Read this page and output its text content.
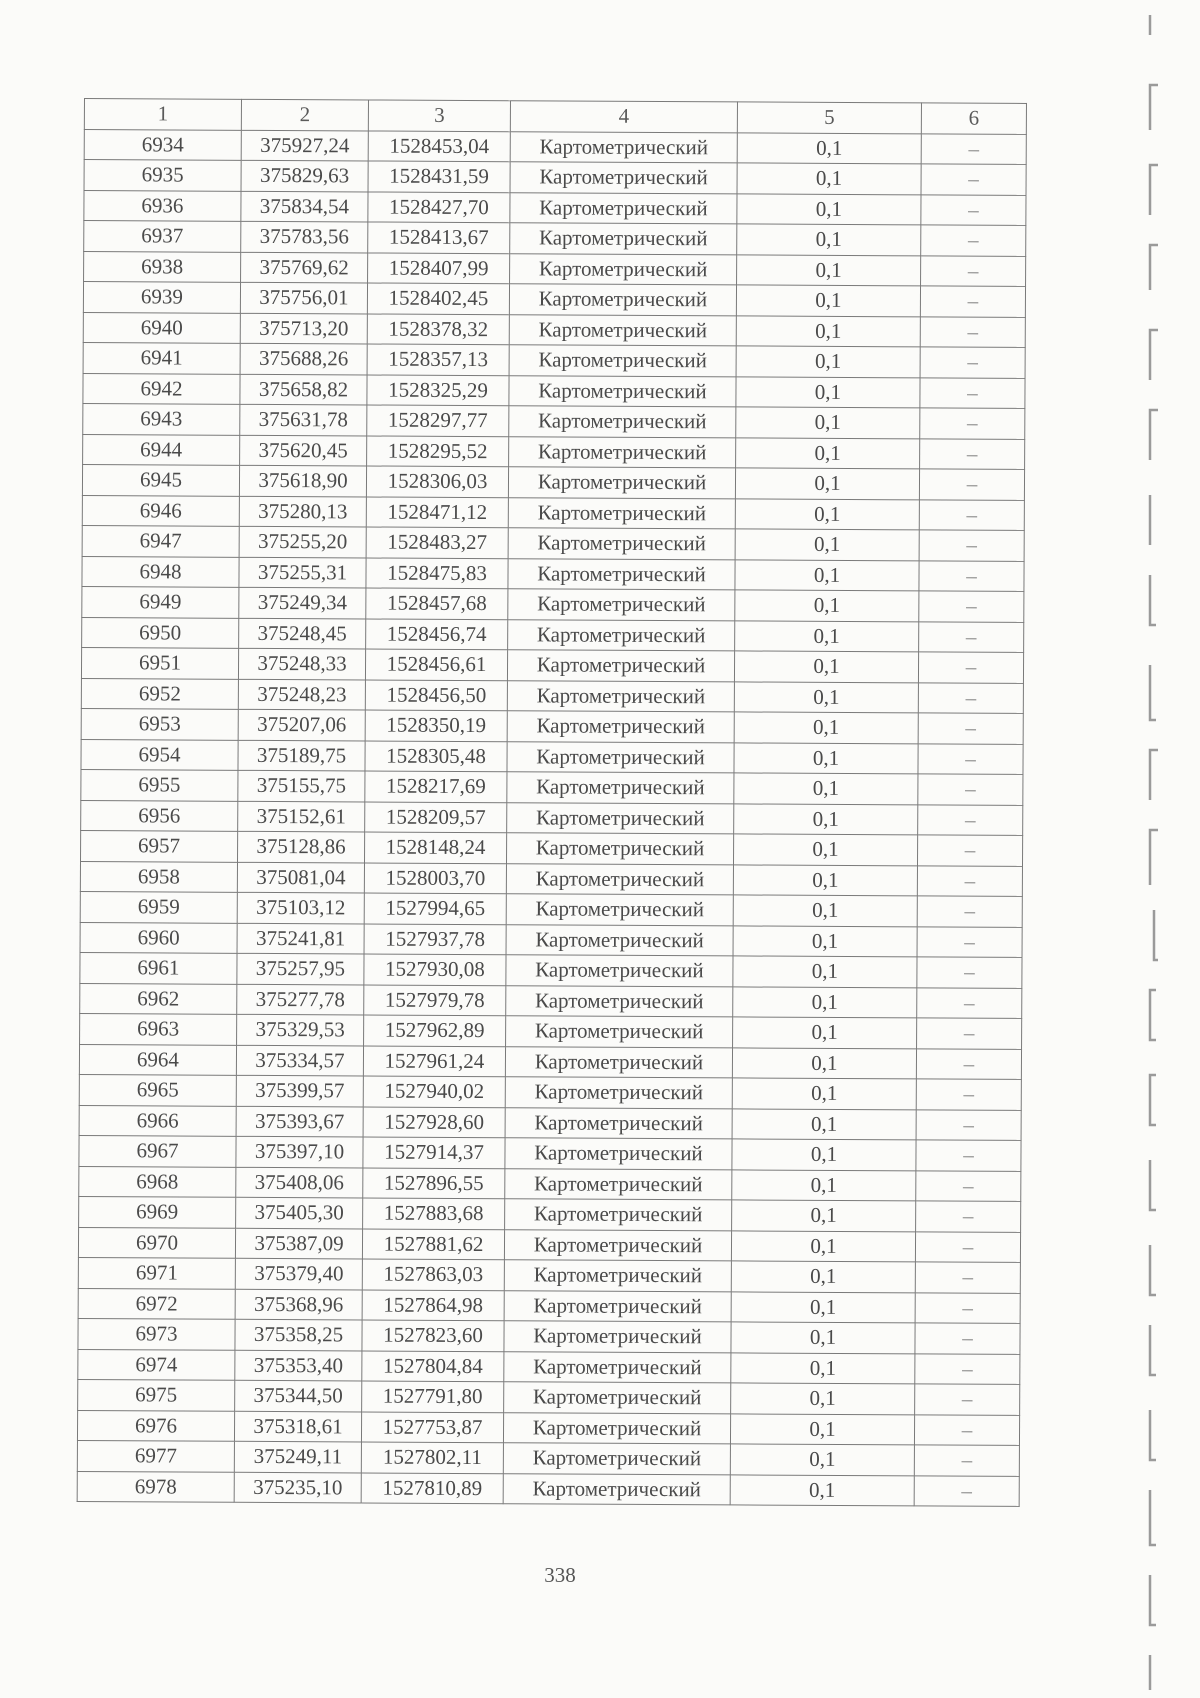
1	2	3	4	5	6
6934	375927,24	1528453,04	Картометрический	0,1	–
6935	375829,63	1528431,59	Картометрический	0,1	–
6936	375834,54	1528427,70	Картометрический	0,1	–
6937	375783,56	1528413,67	Картометрический	0,1	–
6938	375769,62	1528407,99	Картометрический	0,1	–
6939	375756,01	1528402,45	Картометрический	0,1	–
6940	375713,20	1528378,32	Картометрический	0,1	–
6941	375688,26	1528357,13	Картометрический	0,1	–
6942	375658,82	1528325,29	Картометрический	0,1	–
6943	375631,78	1528297,77	Картометрический	0,1	–
6944	375620,45	1528295,52	Картометрический	0,1	–
6945	375618,90	1528306,03	Картометрический	0,1	–
6946	375280,13	1528471,12	Картометрический	0,1	–
6947	375255,20	1528483,27	Картометрический	0,1	–
6948	375255,31	1528475,83	Картометрический	0,1	–
6949	375249,34	1528457,68	Картометрический	0,1	–
6950	375248,45	1528456,74	Картометрический	0,1	–
6951	375248,33	1528456,61	Картометрический	0,1	–
6952	375248,23	1528456,50	Картометрический	0,1	–
6953	375207,06	1528350,19	Картометрический	0,1	–
6954	375189,75	1528305,48	Картометрический	0,1	–
6955	375155,75	1528217,69	Картометрический	0,1	–
6956	375152,61	1528209,57	Картометрический	0,1	–
6957	375128,86	1528148,24	Картометрический	0,1	–
6958	375081,04	1528003,70	Картометрический	0,1	–
6959	375103,12	1527994,65	Картометрический	0,1	–
6960	375241,81	1527937,78	Картометрический	0,1	–
6961	375257,95	1527930,08	Картометрический	0,1	–
6962	375277,78	1527979,78	Картометрический	0,1	–
6963	375329,53	1527962,89	Картометрический	0,1	–
6964	375334,57	1527961,24	Картометрический	0,1	–
6965	375399,57	1527940,02	Картометрический	0,1	–
6966	375393,67	1527928,60	Картометрический	0,1	–
6967	375397,10	1527914,37	Картометрический	0,1	–
6968	375408,06	1527896,55	Картометрический	0,1	–
6969	375405,30	1527883,68	Картометрический	0,1	–
6970	375387,09	1527881,62	Картометрический	0,1	–
6971	375379,40	1527863,03	Картометрический	0,1	–
6972	375368,96	1527864,98	Картометрический	0,1	–
6973	375358,25	1527823,60	Картометрический	0,1	–
6974	375353,40	1527804,84	Картометрический	0,1	–
6975	375344,50	1527791,80	Картометрический	0,1	–
6976	375318,61	1527753,87	Картометрический	0,1	–
6977	375249,11	1527802,11	Картометрический	0,1	–
6978	375235,10	1527810,89	Картометрический	0,1	–
338
